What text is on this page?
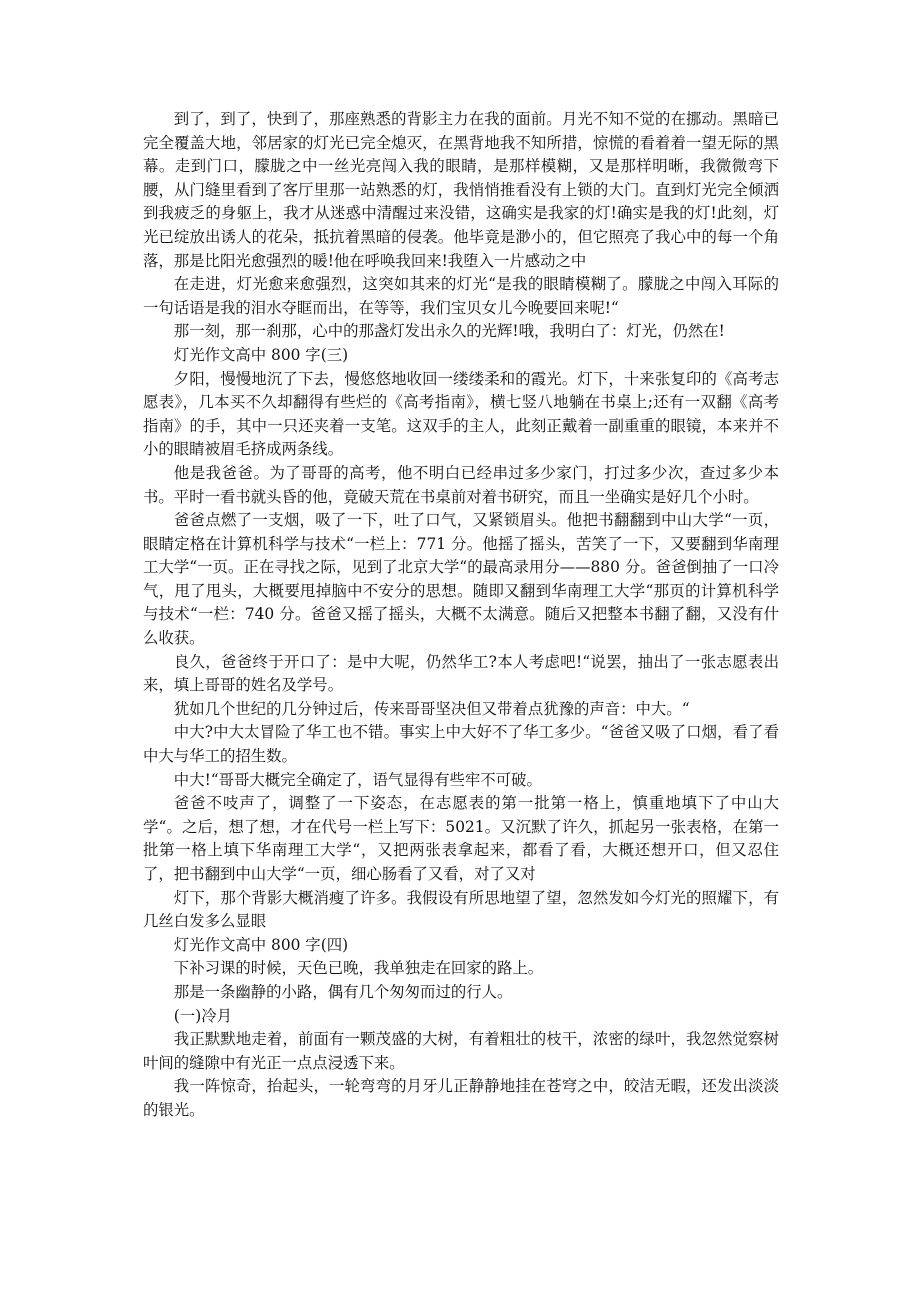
到了，到了，快到了，那座熟悉的背影主力在我的面前。月光不知不觉的在挪动。黑暗已完全覆盖大地，邻居家的灯光已完全熄灭，在黑背地我不知所措，惊慌的看着着一望无际的黑幕。走到门口，朦胧之中一丝光亮闯入我的眼睛，是那样模糊，又是那样明晰，我微微弯下腰，从门缝里看到了客厅里那一站熟悉的灯，我悄悄推看没有上锁的大门。直到灯光完全倾洒到我疲乏的身躯上，我才从迷惑中清醒过来没错，这确实是我家的灯!确实是我的灯!此刻，灯光已绽放出诱人的花朵，抵抗着黑暗的侵袭。他毕竟是渺小的，但它照亮了我心中的每一个角落，那是比阳光愈强烈的暖!他在呼唤我回来!我堕入一片感动之中

在走进，灯光愈来愈强烈，这突如其来的灯光“是我的眼睛模糊了。朦胧之中闯入耳际的一句话语是我的泪水夺眶而出，在等等，我们宝贝女儿今晚要回来呢!“

那一刻，那一刹那，心中的那盏灯发出永久的光辉!哦，我明白了：灯光，仍然在!

灯光作文高中 800 字(三)

夕阳，慢慢地沉了下去，慢悠悠地收回一缕缕柔和的霞光。灯下，十来张复印的《高考志愿表》，几本买不久却翻得有些烂的《高考指南》，横七竖八地躺在书桌上;还有一双翻《高考指南》的手，其中一只还夹着一支笔。这双手的主人，此刻正戴着一副重重的眼镜，本来并不小的眼睛被眉毛挤成两条线。

他是我爸爸。为了哥哥的高考，他不明白已经串过多少家门，打过多少次，查过多少本书。平时一看书就头昏的他，竟破天荒在书桌前对着书研究，而且一坐确实是好几个小时。

爸爸点燃了一支烟，吸了一下，吐了口气，又紧锁眉头。他把书翻翻到中山大学“一页，眼睛定格在计算机科学与技术“一栏上：771 分。他摇了摇头，苦笑了一下，又要翻到华南理工大学“一页。正在寻找之际，见到了北京大学“的最高录用分——880 分。爸爸倒抽了一口冷气，甩了甩头，大概要甩掉脑中不安分的思想。随即又翻到华南理工大学“那页的计算机科学与技术“一栏：740 分。爸爸又摇了摇头，大概不太满意。随后又把整本书翻了翻，又没有什么收获。

良久，爸爸终于开口了：是中大呢，仍然华工?本人考虑吧!“说罢，抽出了一张志愿表出来，填上哥哥的姓名及学号。

犹如几个世纪的几分钟过后，传来哥哥坚决但又带着点犹豫的声音：中大。“

中大?中大太冒险了华工也不错。事实上中大好不了华工多少。“爸爸又吸了口烟，看了看中大与华工的招生数。

中大!“哥哥大概完全确定了，语气显得有些牢不可破。

爸爸不吱声了，调整了一下姿态，在志愿表的第一批第一格上，慎重地填下了中山大学“。之后，想了想，才在代号一栏上写下：5021。又沉默了许久，抓起另一张表格，在第一批第一格上填下华南理工大学“，又把两张表拿起来，都看了看，大概还想开口，但又忍住了，把书翻到中山大学“一页，细心肠看了又看，对了又对

灯下，那个背影大概消瘦了许多。我假设有所思地望了望，忽然发如今灯光的照耀下，有几丝白发多么显眼

灯光作文高中 800 字(四)

下补习课的时候，天色已晚，我单独走在回家的路上。

那是一条幽静的小路，偶有几个匆匆而过的行人。

(一)冷月

我正默默地走着，前面有一颗茂盛的大树，有着粗壮的枝干，浓密的绿叶，我忽然觉察树叶间的缝隙中有光正一点点浸透下来。

我一阵惊奇，抬起头，一轮弯弯的月牙儿正静静地挂在苍穹之中，皎洁无暇，还发出淡淡的银光。
